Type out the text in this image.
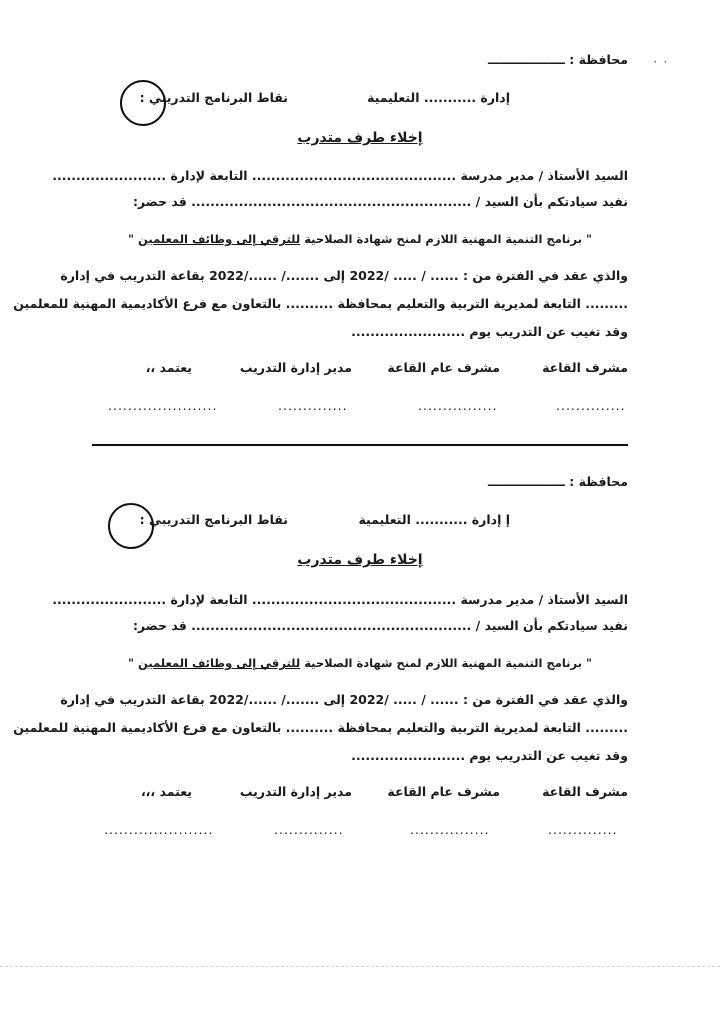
٠ ٠
محافظة : ــــــــــــــــــ
إدارة ........... التعليمية
نقاط البرنامج التدريبي :
إخلاء طرف متدرب
السيد الأستاذ / مدير مدرسة ........................................... التابعة لإدارة ........................
نفيد سيادتكم بأن السيد / ........................................................... قد حضر:
" برنامج التنمية المهنية اللازم لمنح شهادة الصلاحية للترقي إلى وظائف المعلمين "
والذي عقد في الفترة من : ...... / ..... /2022 إلى ......./ ....../2022 بقاعة التدريب في إدارة
......... التابعة لمديرية التربية والتعليم بمحافظة .......... بالتعاون مع فرع الأكاديمية المهنية للمعلمين
وقد تغيب عن التدريب يوم ........................
مشرف القاعة
مشرف عام القاعة
مدير إدارة التدريب
يعتمد ،،
..............
................
..............
......................
محافظة : ــــــــــــــــــ
إ إدارة ........... التعليمية
نقاط البرنامج التدريبي :
إخلاء طرف متدرب
السيد الأستاذ / مدير مدرسة ........................................... التابعة لإدارة ........................
نفيد سيادتكم بأن السيد / ........................................................... قد حضر:
" برنامج التنمية المهنية اللازم لمنح شهادة الصلاحية للترقي إلى وظائف المعلمين "
والذي عقد في الفترة من : ...... / ..... /2022 إلى ......./ ....../2022 بقاعة التدريب في إدارة
......... التابعة لمديرية التربية والتعليم بمحافظة .......... بالتعاون مع فرع الأكاديمية المهنية للمعلمين
وقد تغيب عن التدريب يوم ........................
مشرف القاعة
مشرف عام القاعة
مدير إدارة التدريب
يعتمد ،،،
..............
................
..............
......................
